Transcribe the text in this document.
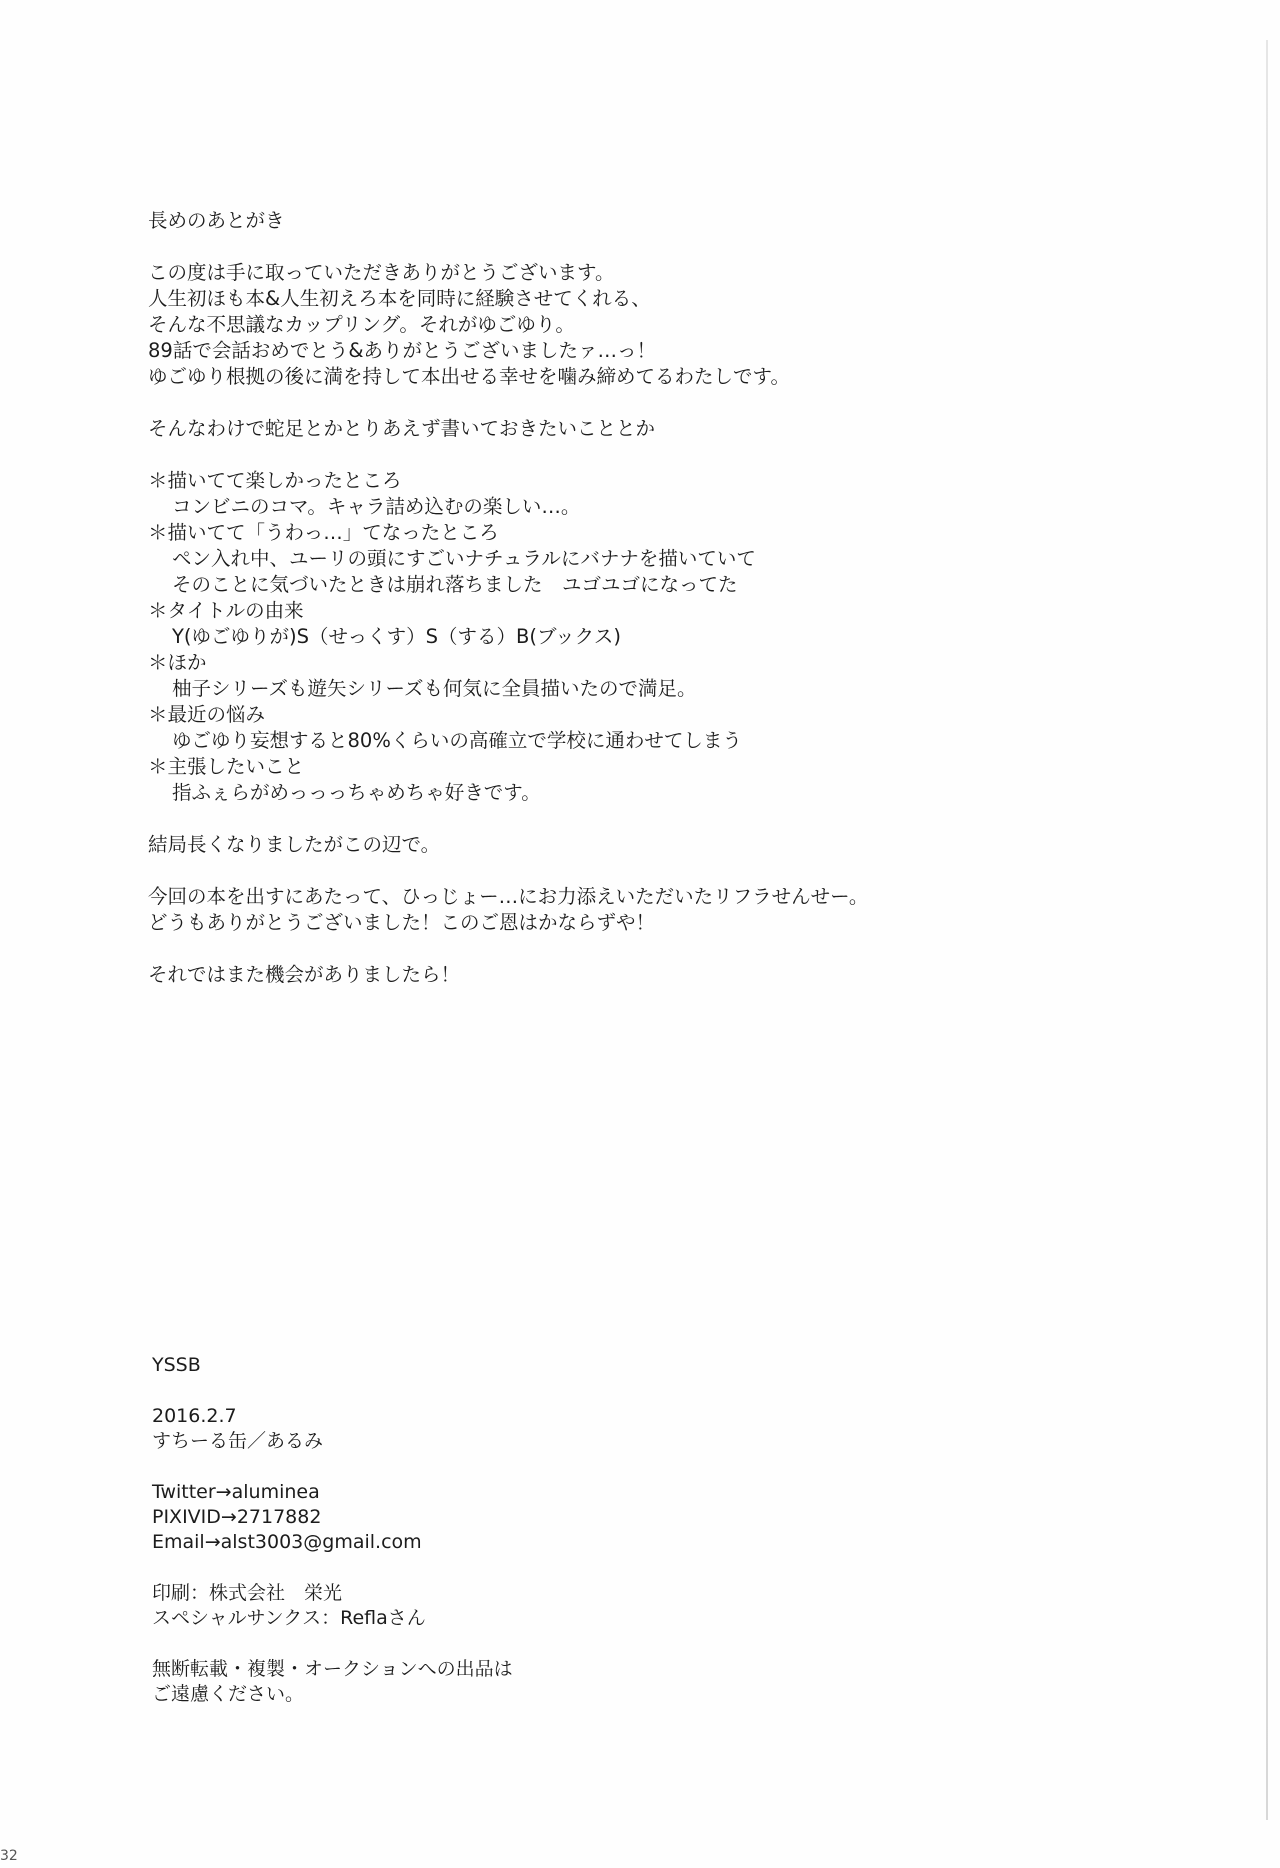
長めのあとがき
この度は手に取っていただきありがとうございます。
人生初ほも本&人生初えろ本を同時に経験させてくれる、
そんな不思議なカップリング。それがゆごゆり。
89話で会話おめでとう&ありがとうございましたァ…っ！
ゆごゆり根拠の後に満を持して本出せる幸せを噛み締めてるわたしです。
そんなわけで蛇足とかとりあえず書いておきたいこととか
＊描いてて楽しかったところ
コンビニのコマ。キャラ詰め込むの楽しい…。
＊描いてて「うわっ…」てなったところ
ペン入れ中、ユーリの頭にすごいナチュラルにバナナを描いていて
そのことに気づいたときは崩れ落ちました　ユゴユゴになってた
＊タイトルの由来
Y(ゆごゆりが)S（せっくす）S（する）B(ブックス)
＊ほか
柚子シリーズも遊矢シリーズも何気に全員描いたので満足。
＊最近の悩み
ゆごゆり妄想すると80%くらいの高確立で学校に通わせてしまう
＊主張したいこと
指ふぇらがめっっっちゃめちゃ好きです。
結局長くなりましたがこの辺で。
今回の本を出すにあたって、ひっじょー…にお力添えいただいたリフラせんせー。
どうもありがとうございました！このご恩はかならずや！
それではまた機会がありましたら！
YSSB
2016.2.7
すちーる缶／あるみ
Twitter→aluminea
PIXIVID→2717882
Email→alst3003@gmail.com
印刷：株式会社　栄光
スペシャルサンクス：Reflaさん
無断転載・複製・オークションへの出品は
ご遠慮ください。
32
